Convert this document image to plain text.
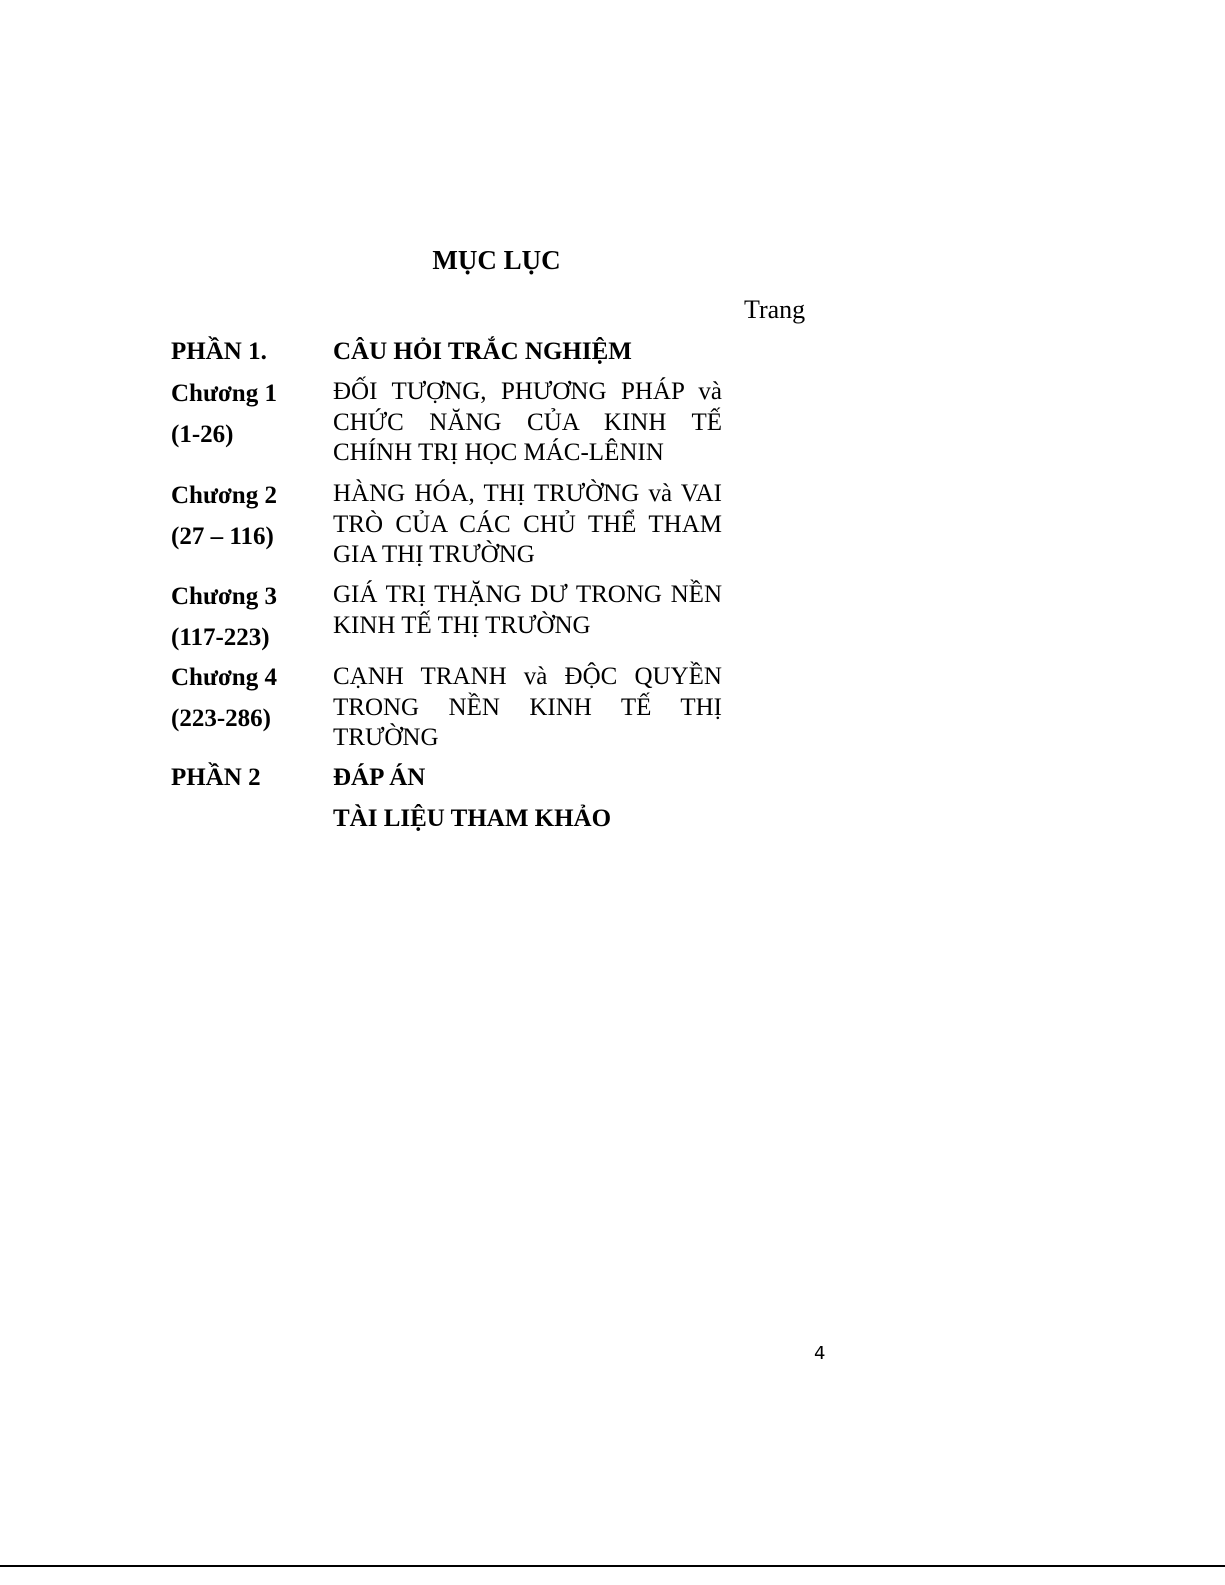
MỤC LỤC
Trang
PHẦN 1.	CÂU HỎI TRẮC NGHIỆM
Chương 1
(1-26)
ĐỐI TƯỢNG, PHƯƠNG PHÁP và CHỨC NĂNG CỦA KINH TẾ CHÍNH TRỊ HỌC MÁC-LÊNIN
Chương 2
(27 – 116)
HÀNG HÓA, THỊ TRƯỜNG và VAI TRÒ CỦA CÁC CHỦ THỂ THAM GIA THỊ TRƯỜNG
Chương 3
(117-223)
GIÁ TRỊ THẶNG DƯ TRONG NỀN KINH TẾ THỊ TRƯỜNG
Chương 4
(223-286)
CẠNH TRANH và ĐỘC QUYỀN TRONG NỀN KINH TẾ THỊ TRƯỜNG
PHẦN 2	ĐÁP ÁN
TÀI LIỆU THAM KHẢO
4
